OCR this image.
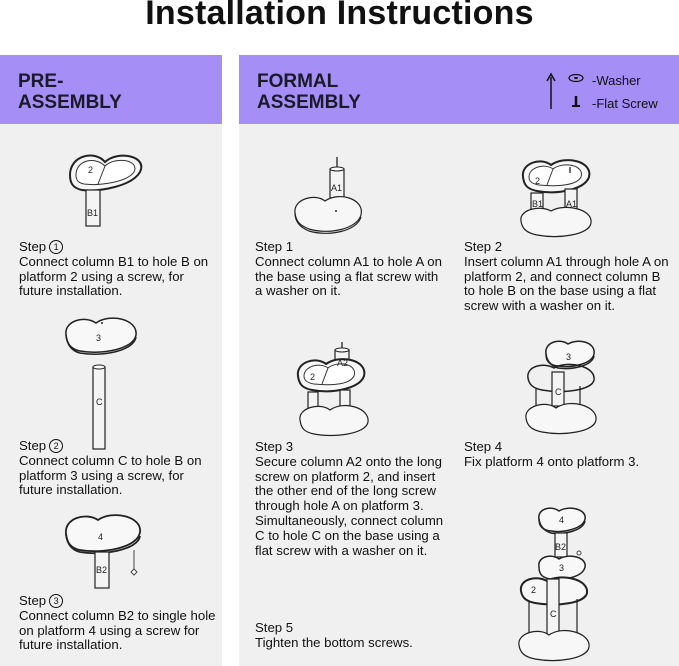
Installation Instructions
PRE-
ASSEMBLY
2
B1
Step 1
Connect column B1 to hole B on platform 2 using a screw, for future installation.
3
C
Step 2
Connect column C to hole B on platform 3 using a screw, for future installation.
4
B2
Step 3
Connect column B2 to single hole on platform 4 using a screw for future installation.
FORMAL
ASSEMBLY
-Washer
-Flat Screw
A1
Step 1
Connect column A1 to hole A on the base using a flat screw with a washer on it.
2
B1	A1
Step 2
Insert column A1 through hole A on platform 2, and connect column B to hole B on the base using a flat screw with a washer on it.
2
A2
Step 3
Secure column A2 onto the long screw on platform 2, and insert the other end of the long screw through hole A on platform 3. Simultaneously, connect column C to hole C on the base using a flat screw with a washer on it.
3
C
Step 4
Fix platform 4 onto platform 3.
4
B2
3
2
C
Step 5
Tighten the bottom screws.
